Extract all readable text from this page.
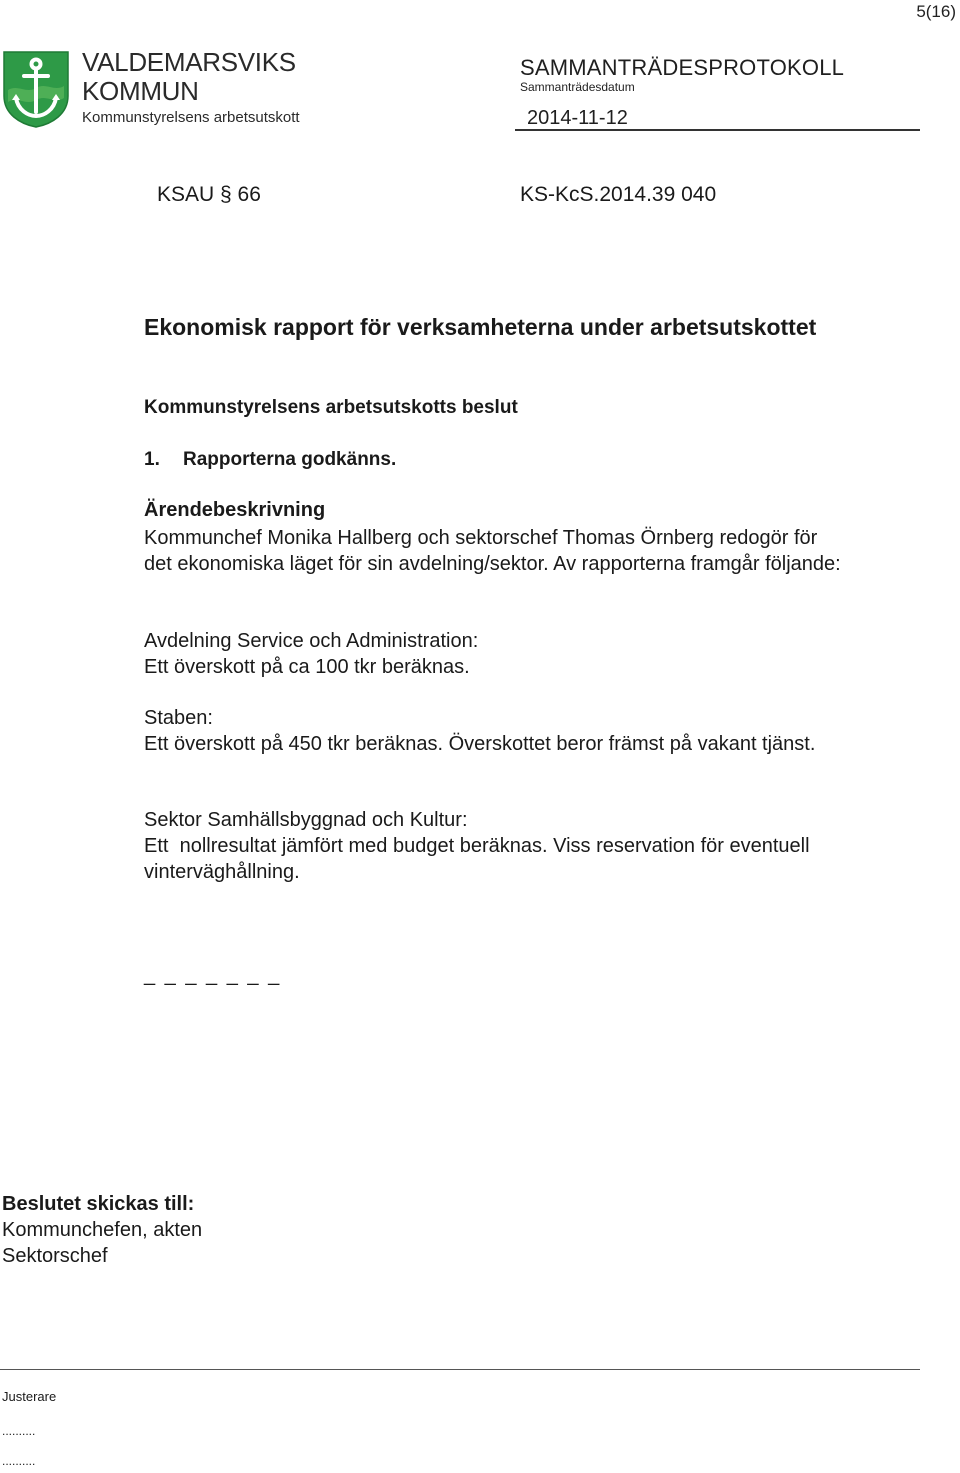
5(16)
VALDEMARSVIKS
KOMMUN
Kommunstyrelsens arbetsutskott
SAMMANTRÄDESPROTOKOLL
Sammanträdesdatum
2014-11-12
KSAU § 66	KS-KcS.2014.39 040
Ekonomisk rapport för verksamheterna under arbetsutskottet
Kommunstyrelsens arbetsutskotts beslut
1. Rapporterna godkänns.
Ärendebeskrivning
Kommunchef Monika Hallberg och sektorschef Thomas Örnberg redogör för det ekonomiska läget för sin avdelning/sektor. Av rapporterna framgår följande:
Avdelning Service och Administration:
Ett överskott på ca 100 tkr beräknas.
Staben:
Ett överskott på 450 tkr beräknas. Överskottet beror främst på vakant tjänst.
Sektor Samhällsbyggnad och Kultur:
Ett  nollresultat jämfört med budget beräknas. Viss reservation för eventuell vinterväghållning.
_ _ _ _ _ _ _
Beslutet skickas till:
Kommunchefen, akten
Sektorschef
Justerare
..........
..........
